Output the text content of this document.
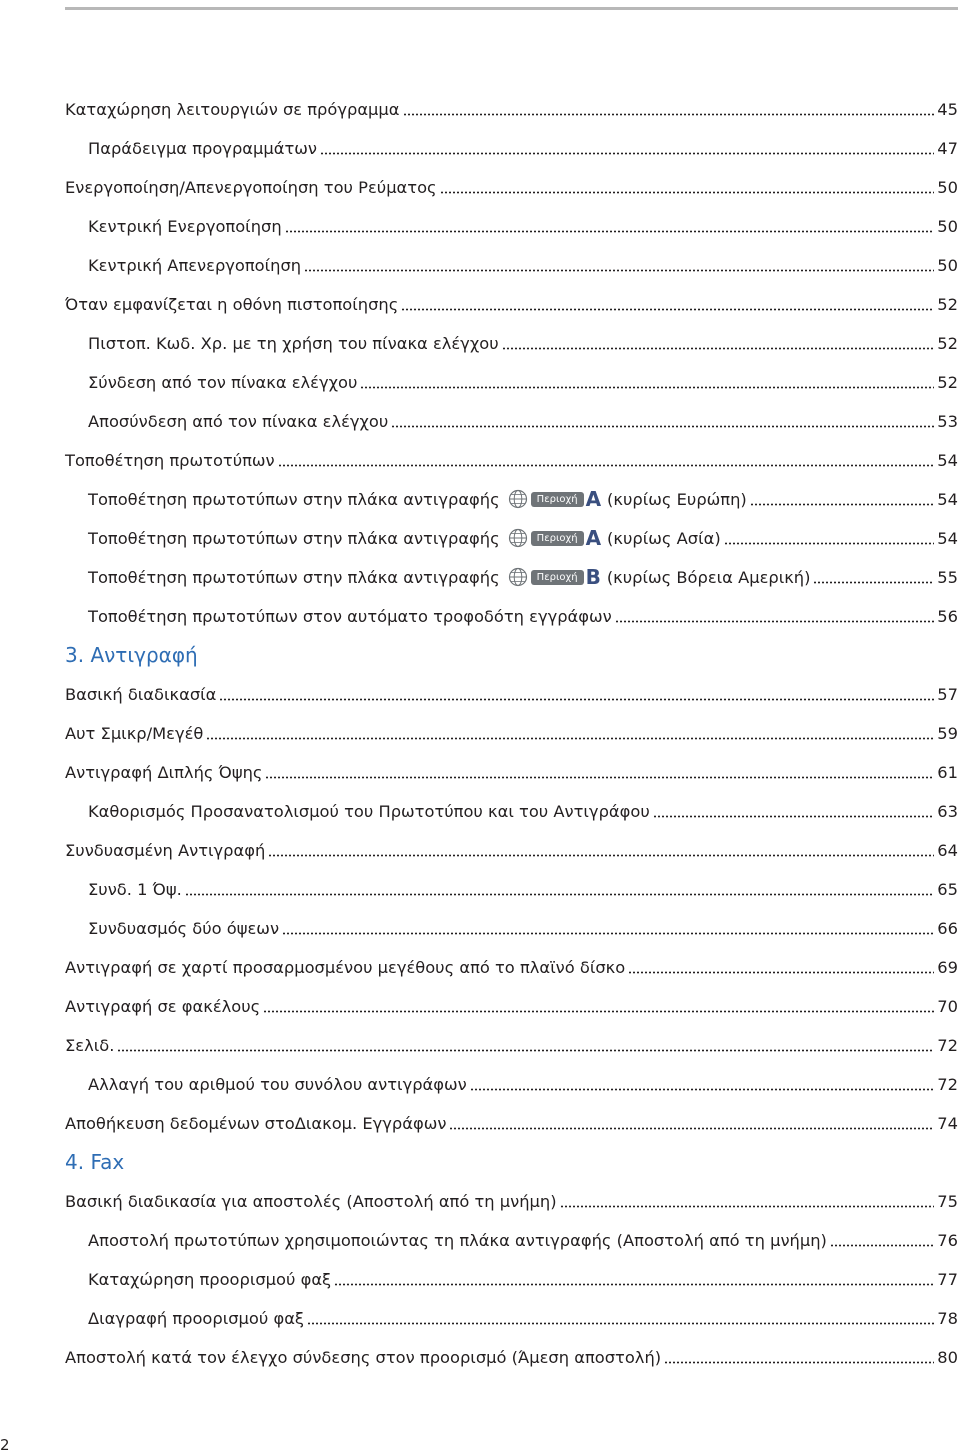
Καταχώρηση λειτουργιών σε πρόγραμμα	45
Παράδειγμα προγραμμάτων	47
Ενεργοποίηση/Απενεργοποίηση του Ρεύματος	50
Κεντρική Ενεργοποίηση	50
Κεντρική Απενεργοποίηση	50
Όταν εμφανίζεται η οθόνη πιστοποίησης	52
Πιστοπ. Κωδ. Χρ. με τη χρήση του πίνακα ελέγχου	52
Σύνδεση από τον πίνακα ελέγχου	52
Αποσύνδεση από τον πίνακα ελέγχου	53
Τοποθέτηση πρωτοτύπων	54
Τοποθέτηση πρωτοτύπων στην πλάκα αντιγραφής	Περιοχή A (κυρίως Ευρώπη)	54
Τοποθέτηση πρωτοτύπων στην πλάκα αντιγραφής	Περιοχή A (κυρίως Ασία)	54
Τοποθέτηση πρωτοτύπων στην πλάκα αντιγραφής	Περιοχή B (κυρίως Βόρεια Αμερική)	55
Τοποθέτηση πρωτοτύπων στον αυτόματο τροφοδότη εγγράφων	56
3. Αντιγραφή
Βασική διαδικασία	57
Αυτ Σμικρ/Μεγέθ	59
Αντιγραφή Διπλής Όψης	61
Καθορισμός Προσανατολισμού του Πρωτοτύπου και του Αντιγράφου	63
Συνδυασμένη Αντιγραφή	64
Συνδ. 1 Όψ.	65
Συνδυασμός δύο όψεων	66
Αντιγραφή σε χαρτί προσαρμοσμένου μεγέθους από το πλαϊνό δίσκο	69
Αντιγραφή σε φακέλους	70
Σελιδ.	72
Αλλαγή του αριθμού του συνόλου αντιγράφων	72
Αποθήκευση δεδομένων στοΔιακομ. Εγγράφων	74
4. Fax
Βασική διαδικασία για αποστολές (Αποστολή από τη μνήμη)	75
Αποστολή πρωτοτύπων χρησιμοποιώντας τη πλάκα αντιγραφής (Αποστολή από τη μνήμη)	76
Καταχώρηση προορισμού φαξ	77
Διαγραφή προορισμού φαξ	78
Αποστολή κατά τον έλεγχο σύνδεσης στον προορισμό (Άμεση αποστολή)	80
2
